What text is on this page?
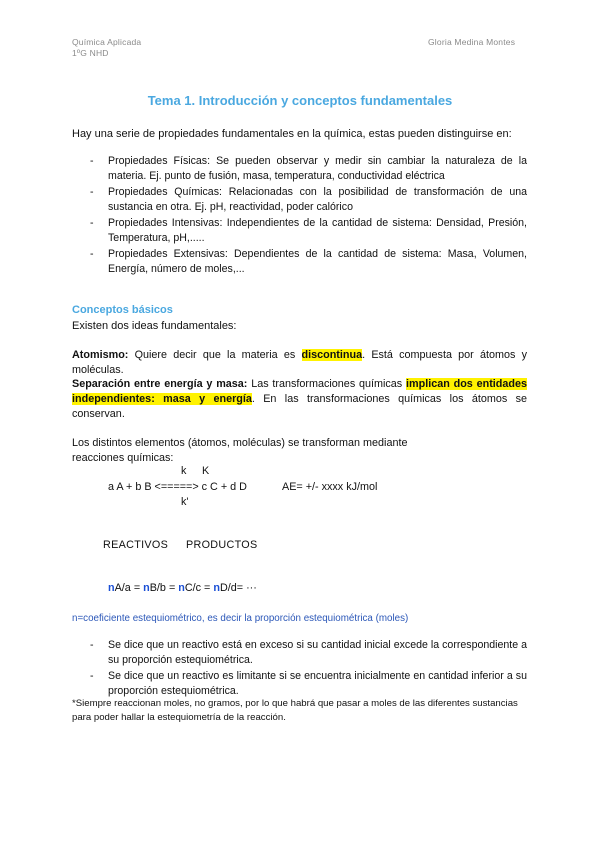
Química Aplicada
1ºG NHD
Gloria Medina Montes
Tema 1. Introducción y conceptos fundamentales
Hay una serie de propiedades fundamentales en la química, estas pueden distinguirse en:
- Propiedades Físicas: Se pueden observar y medir sin cambiar la naturaleza de la materia. Ej. punto de fusión, masa, temperatura, conductividad eléctrica
- Propiedades Químicas: Relacionadas con la posibilidad de transformación de una sustancia en otra. Ej. pH, reactividad, poder calórico
- Propiedades Intensivas: Independientes de la cantidad de sistema: Densidad, Presión, Temperatura, pH,.....
- Propiedades Extensivas: Dependientes de la cantidad de sistema: Masa, Volumen, Energía, número de moles,...
Conceptos básicos
Existen dos ideas fundamentales:
Atomismo: Quiere decir que la materia es discontinua. Está compuesta por átomos y moléculas.
Separación entre energía y masa: Las transformaciones químicas implican dos entidades independientes: masa y energía. En las transformaciones químicas los átomos se conservan.
Los distintos elementos (átomos, moléculas) se transforman mediante
reacciones químicas:
k K
a A + b B <=====> c C + d D	AE= +/- xxxx kJ/mol
k'
REACTIVOS PRODUCTOS
nA/a = nB/b = nC/c = nD/d= ···
n=coeficiente estequiométrico, es decir la proporción estequiométrica (moles)
- Se dice que un reactivo está en exceso si su cantidad inicial excede la correspondiente a su proporción estequiométrica.
- Se dice que un reactivo es limitante si se encuentra inicialmente en cantidad inferior a su proporción estequiométrica.
*Siempre reaccionan moles, no gramos, por lo que habrá que pasar a moles de las diferentes sustancias para poder hallar la estequiometría de la reacción.
